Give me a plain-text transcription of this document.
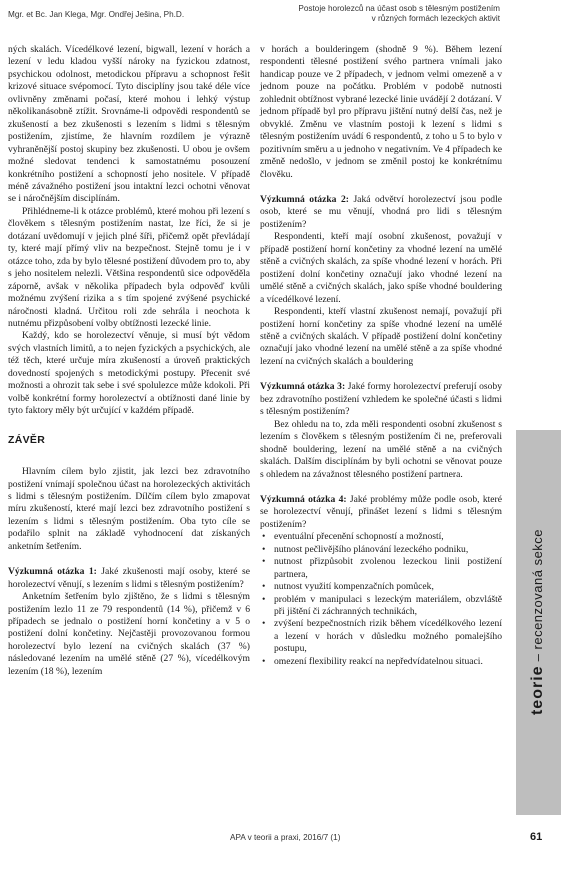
Mgr. et Bc. Jan Klega, Mgr. Ondřej Ješina, Ph.D.
Postoje horolezců na účast osob s tělesným postižením
v různých formách lezeckých aktivit

ných skalách. Vícedélkové lezení, bigwall, lezení v horách a lezení v ledu kladou vyšší nároky na fyzickou zdatnost, psychickou odolnost, metodickou přípravu a schopnost řešit krizové situace svépomocí. Tyto disciplíny jsou také déle více ovlivněny změnami počasí, které mohou i lehký výstup několikanásobně ztížit. Srovnáme-li odpovědi respondentů se zkušeností a bez zkušenosti s lezením s lidmi s tělesným postižením, zjistíme, že hlavním rozdílem je výrazně vyhraněnější postoj skupiny bez zkušenosti. U obou je ovšem možné sledovat tendenci k samostatnému posouzení konkrétního postižení a schopností jeho nositele. V případě méně závažného postižení jsou intaktní lezci ochotni věnovat se i náročnějším disciplínám.

Přihlédneme-li k otázce problémů, které mohou při lezení s člověkem s tělesným postižením nastat, lze říci, že si je dotázaní uvědomují v jejich plné šíři, přičemž opět převládají ty, které mají přímý vliv na bezpečnost. Stejně tomu je i v otázce toho, zda by bylo tělesné postižení důvodem pro to, aby s jeho nositelem nelezli. Většina respondentů sice odpověděla záporně, avšak v několika případech byla odpověď kvůli možnému zvýšení rizika a s tím spojené zvýšené psychické náročnosti kladná. Určitou roli zde sehrála i neochota k nutnému přizpůsobení volby obtížnosti lezecké linie.

Každý, kdo se horolezectví věnuje, si musí být vědom svých vlastních limitů, a to nejen fyzických a psychických, ale též těch, které určuje míra zkušeností a úroveň praktických dovedností spojených s metodickými postupy. Přecenit své možnosti a ohrozit tak sebe i své spolulezce může kdokoli. Při volbě konkrétní formy horolezectví a obtížnosti dané linie by tyto faktory měly být určující v každém případě.

ZÁVĚR

Hlavním cílem bylo zjistit, jak lezci bez zdravotního postižení vnímají společnou účast na horolezeckých aktivitách s lidmi s tělesným postižením. Dílčím cílem bylo zmapovat míru zkušeností, které mají lezci bez zdravotního postižení s lezením s lidmi s tělesným postižením. Oba tyto cíle se podařilo splnit na základě vyhodnocení dat získaných anketním šetřením.

Výzkumná otázka 1: Jaké zkušenosti mají osoby, které se horolezectví věnují, s lezením s lidmi s tělesným postižením?

Anketním šetřením bylo zjištěno, že s lidmi s tělesným postižením lezlo 11 ze 79 respondentů (14 %), přičemž v 6 případech se jednalo o postižení horní končetiny a v 5 o postižení dolní končetiny. Nejčastěji provozovanou formou horolezectví bylo lezení na cvičných skalách (37 %) následované lezením na umělé stěně (27 %), vícedélkovým lezením (18 %), lezením

v horách a boulderingem (shodně 9 %). Během lezení respondenti tělesné postižení svého partnera vnímali jako handicap pouze ve 2 případech, v jednom velmi omezeně a v jednom pouze na počátku. Problém v podobě nutnosti zohlednit obtížnost vybrané lezecké linie uvádějí 2 dotázaní. V jednom případě byl pro přípravu jištění nutný delší čas, než je obvyklé. Změnu ve vlastním postoji k lezení s lidmi s tělesným postižením uvádí 6 respondentů, z toho u 5 to bylo v pozitivním směru a u jednoho v negativním. Ve 4 případech ke změně nedošlo, v jednom se změnil postoj ke konkrétnímu člověku.

Výzkumná otázka 2: Jaká odvětví horolezectví jsou podle osob, které se mu věnují, vhodná pro lidi s tělesným postižením?

Respondenti, kteří mají osobní zkušenost, považují v případě postižení horní končetiny za vhodné lezení na umělé stěně a cvičných skalách, za spíše vhodné lezení v horách. Při postižení dolní končetiny označují jako vhodné lezení na umělé stěně a cvičných skalách, jako spíše vhodné bouldering a vícedélkové lezení.

Respondenti, kteří vlastní zkušenost nemají, považují při postižení horní končetiny za spíše vhodné lezení na umělé stěně a cvičných skalách. V případě postižení dolní končetiny označují jako vhodné lezení na umělé stěně a za spíše vhodné lezení na cvičných skalách a bouldering

Výzkumná otázka 3: Jaké formy horolezectví preferují osoby bez zdravotního postižení vzhledem ke společné účasti s lidmi s tělesným postižením?

Bez ohledu na to, zda měli respondenti osobní zkušenost s lezením s člověkem s tělesným postižením či ne, preferovali shodně bouldering, lezení na umělé stěně a na cvičných skalách. Dalším disciplínám by byli ochotni se věnovat pouze s ohledem na závažnost tělesného postižení partnera.

Výzkumná otázka 4: Jaké problémy může podle osob, které se horolezectví věnují, přinášet lezení s lidmi s tělesným postižením?

• eventuální přecenění schopností a možností,
• nutnost pečlivějšího plánování lezeckého podniku,
• nutnost přizpůsobit zvolenou lezeckou linii postižení partnera,
• nutnost využití kompenzačních pomůcek,
• problém v manipulaci s lezeckým materiálem, obzvláště při jištění či záchranných technikách,
• zvýšení bezpečnostních rizik během vícedélkového lezení a lezení v horách v důsledku možného pomalejšího postupu,
• omezení flexibility reakcí na nepředvídatelnou situaci.
teorie – recenzovaná sekce
APA v teorii a praxi, 2016/7 (1)	61
